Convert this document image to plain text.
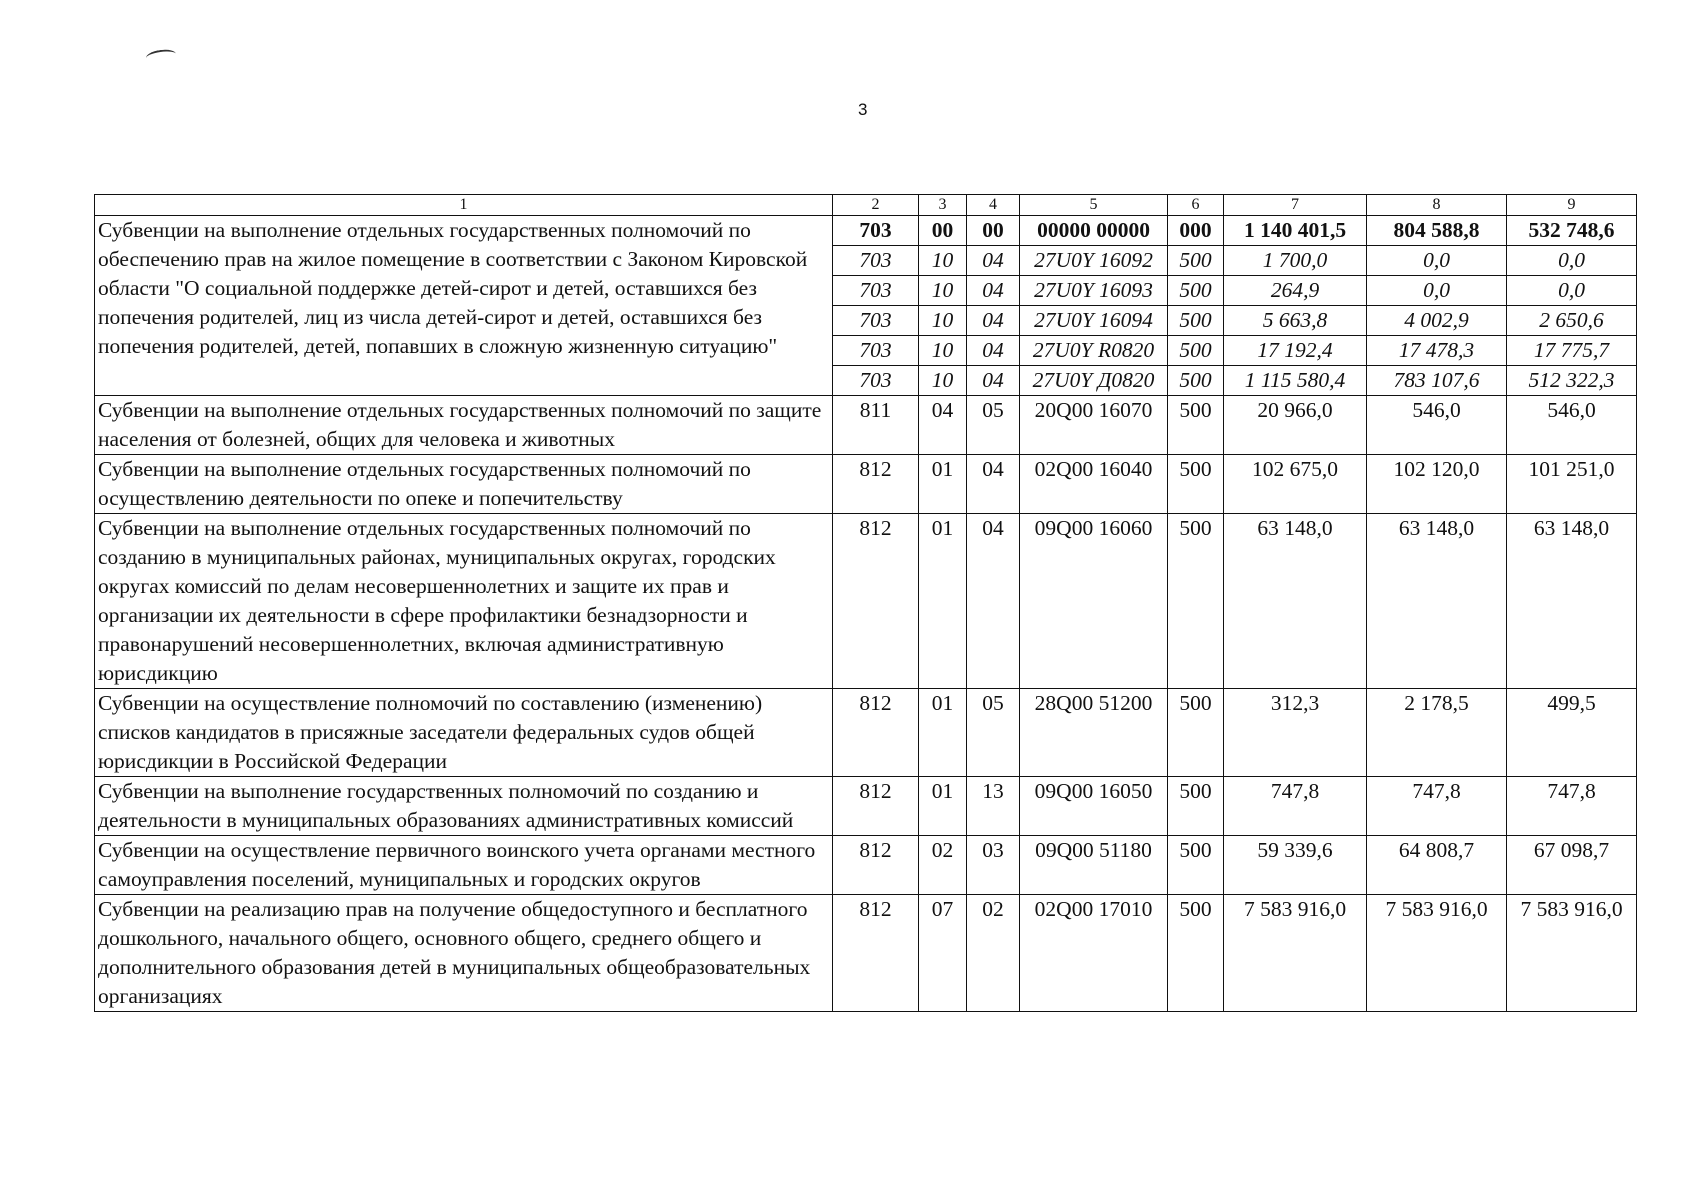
3
1	2	3	4	5	6	7	8	9
Субвенции на выполнение отдельных государственных полномочий по обеспечению прав на жилое помещение в соответствии с Законом Кировской области "О социальной поддержке детей-сирот и детей, оставшихся без попечения родителей, лиц из числа детей-сирот и детей, оставшихся без попечения родителей, детей, попавших в сложную жизненную ситуацию"	703	00	00	00000 00000	000	1 140 401,5	804 588,8	532 748,6
	703	10	04	27U0Y 16092	500	1 700,0	0,0	0,0
	703	10	04	27U0Y 16093	500	264,9	0,0	0,0
	703	10	04	27U0Y 16094	500	5 663,8	4 002,9	2 650,6
	703	10	04	27U0Y R0820	500	17 192,4	17 478,3	17 775,7
	703	10	04	27U0Y Д0820	500	1 115 580,4	783 107,6	512 322,3
Субвенции на выполнение отдельных государственных полномочий по защите населения от болезней, общих для человека и животных	811	04	05	20Q00 16070	500	20 966,0	546,0	546,0
Субвенции на выполнение отдельных государственных полномочий по осуществлению деятельности по опеке и попечительству	812	01	04	02Q00 16040	500	102 675,0	102 120,0	101 251,0
Субвенции на выполнение отдельных государственных полномочий по созданию в муниципальных районах, муниципальных округах, городских округах комиссий по делам несовершеннолетних и защите их прав и организации их деятельности в сфере профилактики безнадзорности и правонарушений несовершеннолетних, включая административную юрисдикцию	812	01	04	09Q00 16060	500	63 148,0	63 148,0	63 148,0
Субвенции на осуществление полномочий по составлению (изменению) списков кандидатов в присяжные заседатели федеральных судов общей юрисдикции в Российской Федерации	812	01	05	28Q00 51200	500	312,3	2 178,5	499,5
Субвенции на выполнение государственных полномочий по созданию и деятельности в муниципальных образованиях административных комиссий	812	01	13	09Q00 16050	500	747,8	747,8	747,8
Субвенции на осуществление первичного воинского учета органами местного самоуправления поселений, муниципальных и городских округов	812	02	03	09Q00 51180	500	59 339,6	64 808,7	67 098,7
Субвенции на реализацию прав на получение общедоступного и бесплатного дошкольного, начального общего, основного общего, среднего общего и дополнительного образования детей в муниципальных общеобразовательных организациях	812	07	02	02Q00 17010	500	7 583 916,0	7 583 916,0	7 583 916,0
